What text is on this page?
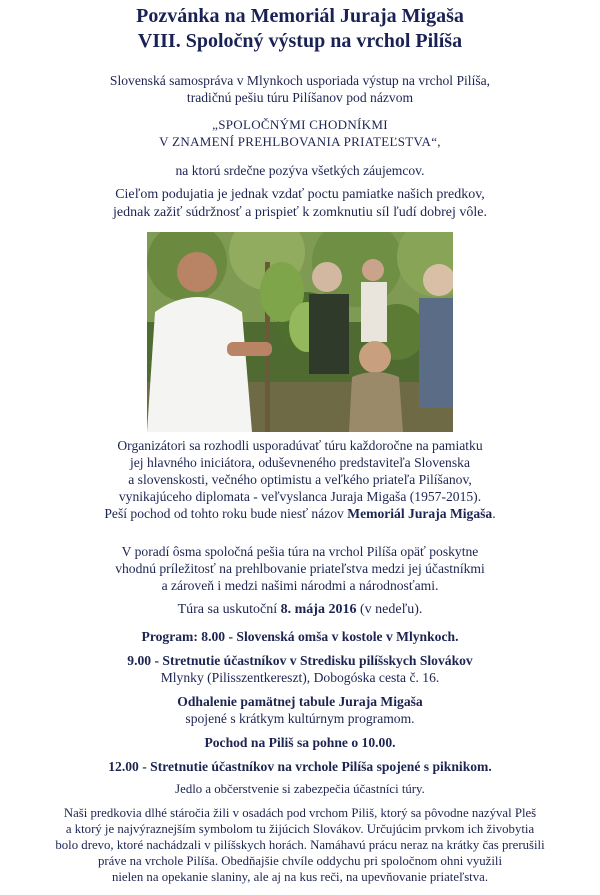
Pozvánka na Memoriál Juraja Migaša
VIII. Spoločný výstup na vrchol Pilíša
Slovenská samospráva v Mlynkoch usporiada výstup na vrchol Pilíša,
tradičnú pešiu túru Pilíšanov pod názvom
„SPOLOČNÝMI CHODNÍKMI
V ZNAMENÍ PREHLBOVANIA PRIATEĽSTVA“,
na ktorú srdečne pozýva všetkých záujemcov.
Cieľom podujatia je jednak vzdať poctu pamiatke našich predkov,
jednak zažiť súdržnosť a prispieť k zomknutiu síl ľudí dobrej vôle.
Organizátori sa rozhodli usporadúvať túru každoročne na pamiatku
jej hlavného iniciátora, oduševneného predstaviteľa Slovenska
a slovenskosti, večného optimistu a veľkého priateľa Pilíšanov,
vynikajúceho diplomata - veľvyslanca Juraja Migaša (1957-2015).
Peší pochod od tohto roku bude niesť názov Memoriál Juraja Migaša.
V poradí ôsma spoločná pešia túra na vrchol Pilíša opäť poskytne
vhodnú príležitosť na prehlbovanie priateľstva medzi jej účastníkmi
a zároveň i medzi našimi národmi a národnosťami.
Túra sa uskutoční 8. mája 2016 (v nedeľu).
Program: 8.00 - Slovenská omša v kostole v Mlynkoch.
9.00 - Stretnutie účastníkov v Stredisku pilíšskych Slovákov
Mlynky (Pilisszentkereszt), Dobogóska cesta č. 16.
Odhalenie pamätnej tabule Juraja Migaša
spojené s krátkym kultúrnym programom.
Pochod na Piliš sa pohne o 10.00.
12.00 - Stretnutie účastníkov na vrchole Pilíša spojené s piknikom.
Jedlo a občerstvenie si zabezpečia účastníci túry.
Naši predkovia dlhé stáročia žili v osadách pod vrchom Piliš, ktorý sa pôvodne nazýval Pleš
a ktorý je najvýraznejším symbolom tu žijúcich Slovákov. Určujúcim prvkom ich živobytia
bolo drevo, ktoré nachádzali v pilíšskych horách. Namáhavú prácu neraz na krátky čas prerušili
práve na vrchole Pilíša. Obedňajšie chvíle oddychu pri spoločnom ohni využili
nielen na opekanie slaniny, ale aj na kus reči, na upevňovanie priateľstva.
